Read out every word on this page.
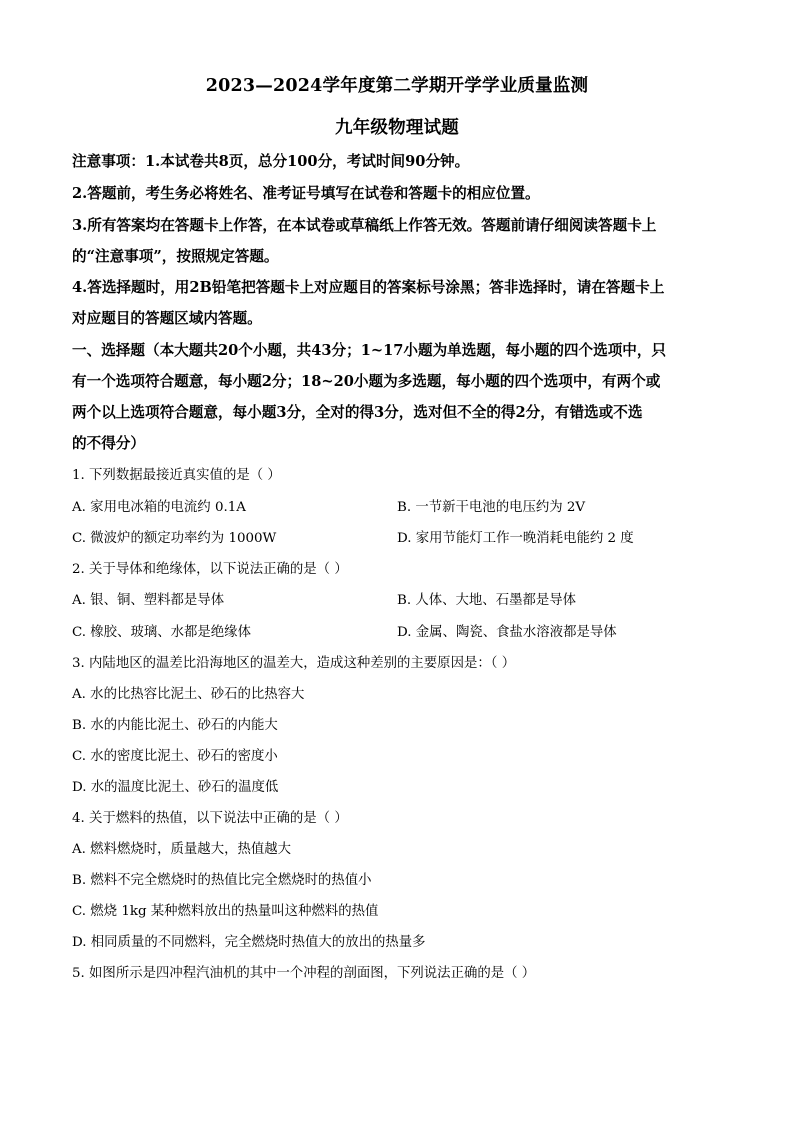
2023—2024学年度第二学期开学学业质量监测
九年级物理试题
注意事项：1.本试卷共8页，总分100分，考试时间90分钟。
2.答题前，考生务必将姓名、准考证号填写在试卷和答题卡的相应位置。
3.所有答案均在答题卡上作答，在本试卷或草稿纸上作答无效。答题前请仔细阅读答题卡上
的“注意事项”，按照规定答题。
4.答选择题时，用2B铅笔把答题卡上对应题目的答案标号涂黑；答非选择时，请在答题卡上
对应题目的答题区域内答题。
一、选择题（本大题共20个小题，共43分；1~17小题为单选题，每小题的四个选项中，只
有一个选项符合题意，每小题2分；18~20小题为多选题，每小题的四个选项中，有两个或
两个以上选项符合题意，每小题3分，全对的得3分，选对但不全的得2分，有错选或不选
的不得分）
1. 下列数据最接近真实值的是（ ）
A. 家用电冰箱的电流约 0.1A	B. 一节新干电池的电压约为 2V
C. 微波炉的额定功率约为 1000W	D. 家用节能灯工作一晚消耗电能约 2 度
2. 关于导体和绝缘体，以下说法正确的是（ ）
A. 银、铜、塑料都是导体	B. 人体、大地、石墨都是导体
C. 橡胶、玻璃、水都是绝缘体	D. 金属、陶瓷、食盐水溶液都是导体
3. 内陆地区的温差比沿海地区的温差大，造成这种差别的主要原因是：（ ）
A. 水的比热容比泥土、砂石的比热容大
B. 水的内能比泥土、砂石的内能大
C. 水的密度比泥土、砂石的密度小
D. 水的温度比泥土、砂石的温度低
4. 关于燃料的热值，以下说法中正确的是（ ）
A. 燃料燃烧时，质量越大，热值越大
B. 燃料不完全燃烧时的热值比完全燃烧时的热值小
C. 燃烧 1kg 某种燃料放出的热量叫这种燃料的热值
D. 相同质量的不同燃料，完全燃烧时热值大的放出的热量多
5. 如图所示是四冲程汽油机的其中一个冲程的剖面图，下列说法正确的是（ ）
